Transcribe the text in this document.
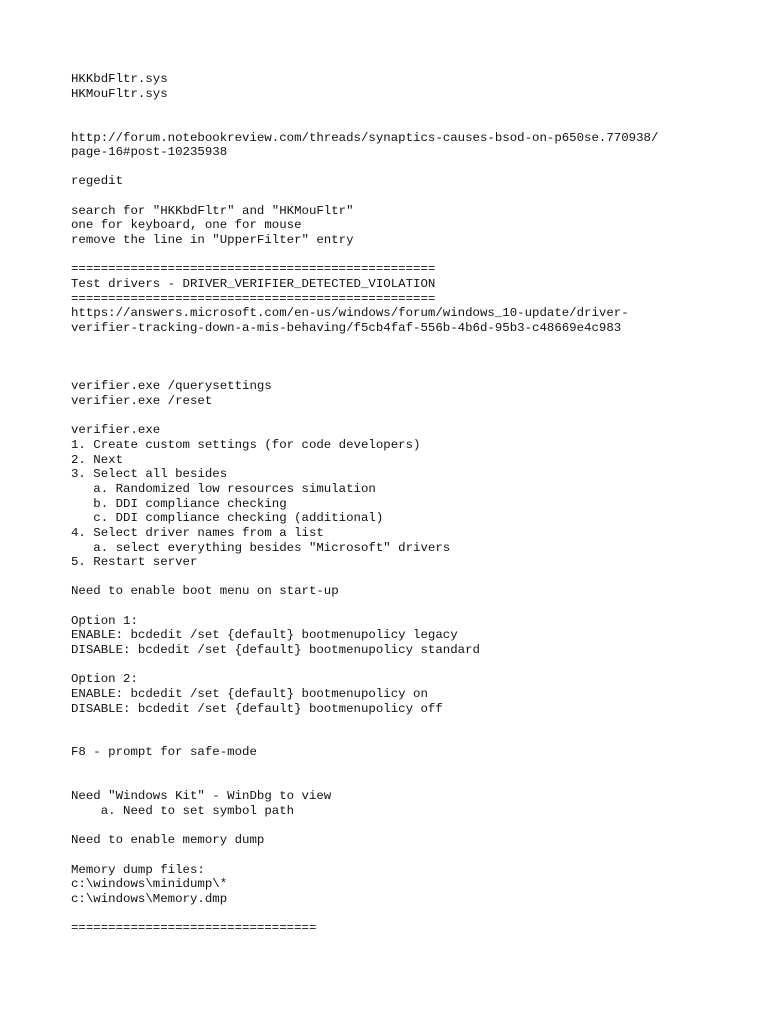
HKKbdFltr.sys
HKMouFltr.sys
http://forum.notebookreview.com/threads/synaptics-causes-bsod-on-p650se.770938/
page-16#post-10235938
regedit
search for "HKKbdFltr" and "HKMouFltr"
one for keyboard, one for mouse
remove the line in "UpperFilter" entry
=================================================
Test drivers - DRIVER_VERIFIER_DETECTED_VIOLATION
=================================================
https://answers.microsoft.com/en-us/windows/forum/windows_10-update/driver-
verifier-tracking-down-a-mis-behaving/f5cb4faf-556b-4b6d-95b3-c48669e4c983
verifier.exe /querysettings
verifier.exe /reset
verifier.exe
1. Create custom settings (for code developers)
2. Next
3. Select all besides
a. Randomized low resources simulation
b. DDI compliance checking
c. DDI compliance checking (additional)
4. Select driver names from a list
a. select everything besides "Microsoft" drivers
5. Restart server
Need to enable boot menu on start-up
Option 1:
ENABLE: bcdedit /set {default} bootmenupolicy legacy
DISABLE: bcdedit /set {default} bootmenupolicy standard
Option 2:
ENABLE: bcdedit /set {default} bootmenupolicy on
DISABLE: bcdedit /set {default} bootmenupolicy off
F8 - prompt for safe-mode
Need "Windows Kit" - WinDbg to view
a. Need to set symbol path
Need to enable memory dump
Memory dump files:
c:\windows\minidump\*
c:\windows\Memory.dmp
=================================
